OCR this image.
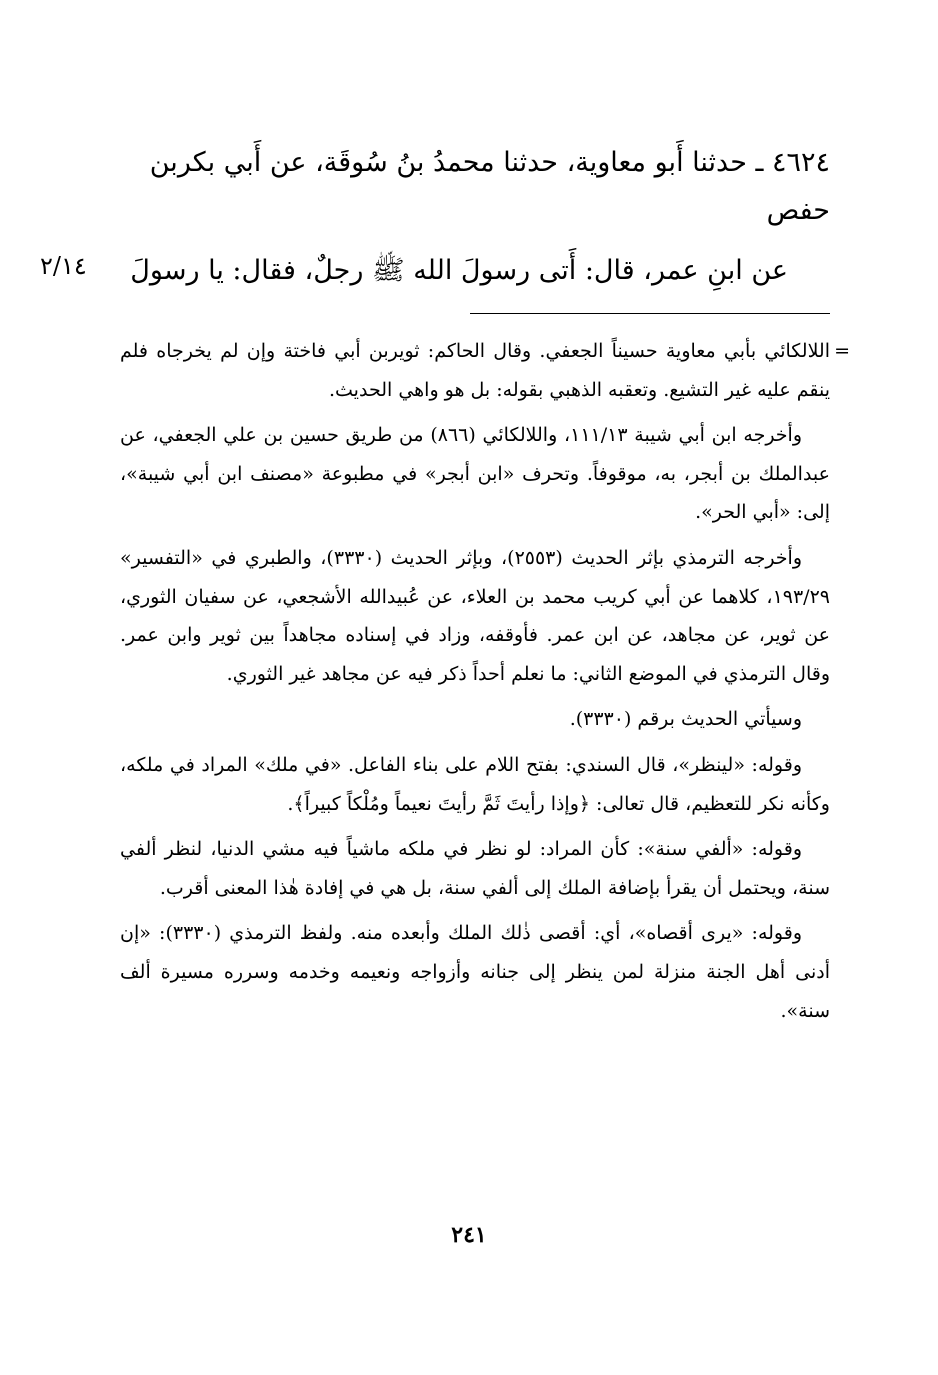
٤٦٢٤ ـ حدثنا أَبو معاوية، حدثنا محمدُ بنُ سُوقَة، عن أَبي بكربن
حفص
عن ابنِ عمر، قال: أَتى رسولَ الله ﷺ رجلٌ، فقال: يا رسولَ
٢/١٤
=

اللالكائي بأبي معاوية حسيناً الجعفي. وقال الحاكم: ثويربن أبي فاختة وإن لم يخرجاه فلم ينقم عليه غير التشيع. وتعقبه الذهبي بقوله: بل هو واهي الحديث.

وأخرجه ابن أبي شيبة ١١١/١٣، واللالكائي (٨٦٦) من طريق حسين بن علي الجعفي، عن عبدالملك بن أبجر، به، موقوفاً. وتحرف «ابن أبجر» في مطبوعة «مصنف ابن أبي شيبة»، إلى: «أبي الحر».

وأخرجه الترمذي بإثر الحديث (٢٥٥٣)، وبإثر الحديث (٣٣٣٠)، والطبري في «التفسير» ١٩٣/٢٩، كلاهما عن أبي كريب محمد بن العلاء، عن عُبيدالله الأشجعي، عن سفيان الثوري، عن ثوير، عن مجاهد، عن ابن عمر. فأوقفه، وزاد في إسناده مجاهداً بين ثوير وابن عمر. وقال الترمذي في الموضع الثاني: ما نعلم أحداً ذكر فيه عن مجاهد غير الثوري.

وسيأتي الحديث برقم (٣٣٣٠).

وقوله: «لينظر»، قال السندي: بفتح اللام على بناء الفاعل. «في ملك» المراد في ملكه، وكأنه نكر للتعظيم، قال تعالى: ﴿وإذا رأيتَ ثَمَّ رأيتَ نعيماً ومُلْكاً كبيراً﴾.

وقوله: «ألفي سنة»: كأن المراد: لو نظر في ملكه ماشياً فيه مشي الدنيا، لنظر ألفي سنة، ويحتمل أن يقرأ بإضافة الملك إلى ألفي سنة، بل هي في إفادة هٰذا المعنى أقرب.

وقوله: «يرى أقصاه»، أي: أقصى ذٰلك الملك وأبعده منه. ولفظ الترمذي (٣٣٣٠): «إن أدنى أهل الجنة منزلة لمن ينظر إلى جنانه وأزواجه ونعيمه وخدمه وسرره مسيرة ألف سنة».

٢٤١
